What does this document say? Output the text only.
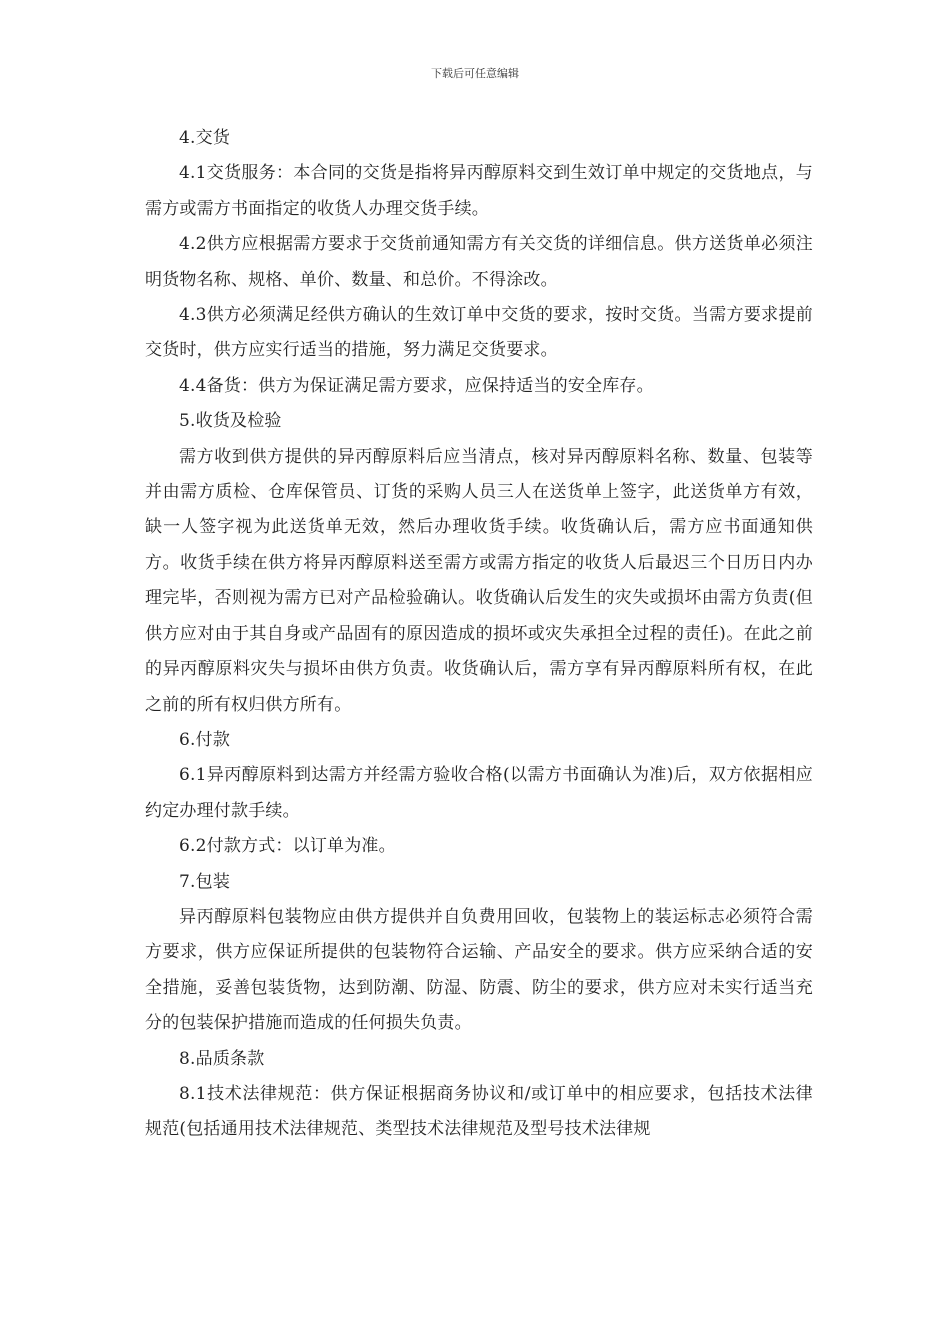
下载后可任意编辑

4.交货

4.1交货服务：本合同的交货是指将异丙醇原料交到生效订单中规定的交货地点，与需方或需方书面指定的收货人办理交货手续。

4.2供方应根据需方要求于交货前通知需方有关交货的详细信息。供方送货单必须注明货物名称、规格、单价、数量、和总价。不得涂改。

4.3供方必须满足经供方确认的生效订单中交货的要求，按时交货。当需方要求提前交货时，供方应实行适当的措施，努力满足交货要求。

4.4备货：供方为保证满足需方要求，应保持适当的安全库存。

5.收货及检验

需方收到供方提供的异丙醇原料后应当清点，核对异丙醇原料名称、数量、包装等并由需方质检、仓库保管员、订货的采购人员三人在送货单上签字，此送货单方有效，缺一人签字视为此送货单无效，然后办理收货手续。收货确认后，需方应书面通知供方。收货手续在供方将异丙醇原料送至需方或需方指定的收货人后最迟三个日历日内办理完毕，否则视为需方已对产品检验确认。收货确认后发生的灾失或损坏由需方负责(但供方应对由于其自身或产品固有的原因造成的损坏或灾失承担全过程的责任)。在此之前的异丙醇原料灾失与损坏由供方负责。收货确认后，需方享有异丙醇原料所有权，在此之前的所有权归供方所有。

6.付款

6.1异丙醇原料到达需方并经需方验收合格(以需方书面确认为准)后，双方依据相应约定办理付款手续。

6.2付款方式：以订单为准。

7.包装

异丙醇原料包装物应由供方提供并自负费用回收，包装物上的装运标志必须符合需方要求，供方应保证所提供的包装物符合运输、产品安全的要求。供方应采纳合适的安全措施，妥善包装货物，达到防潮、防湿、防震、防尘的要求，供方应对未实行适当充分的包装保护措施而造成的任何损失负责。

8.品质条款

8.1技术法律规范：供方保证根据商务协议和/或订单中的相应要求，包括技术法律规范(包括通用技术法律规范、类型技术法律规范及型号技术法律规
